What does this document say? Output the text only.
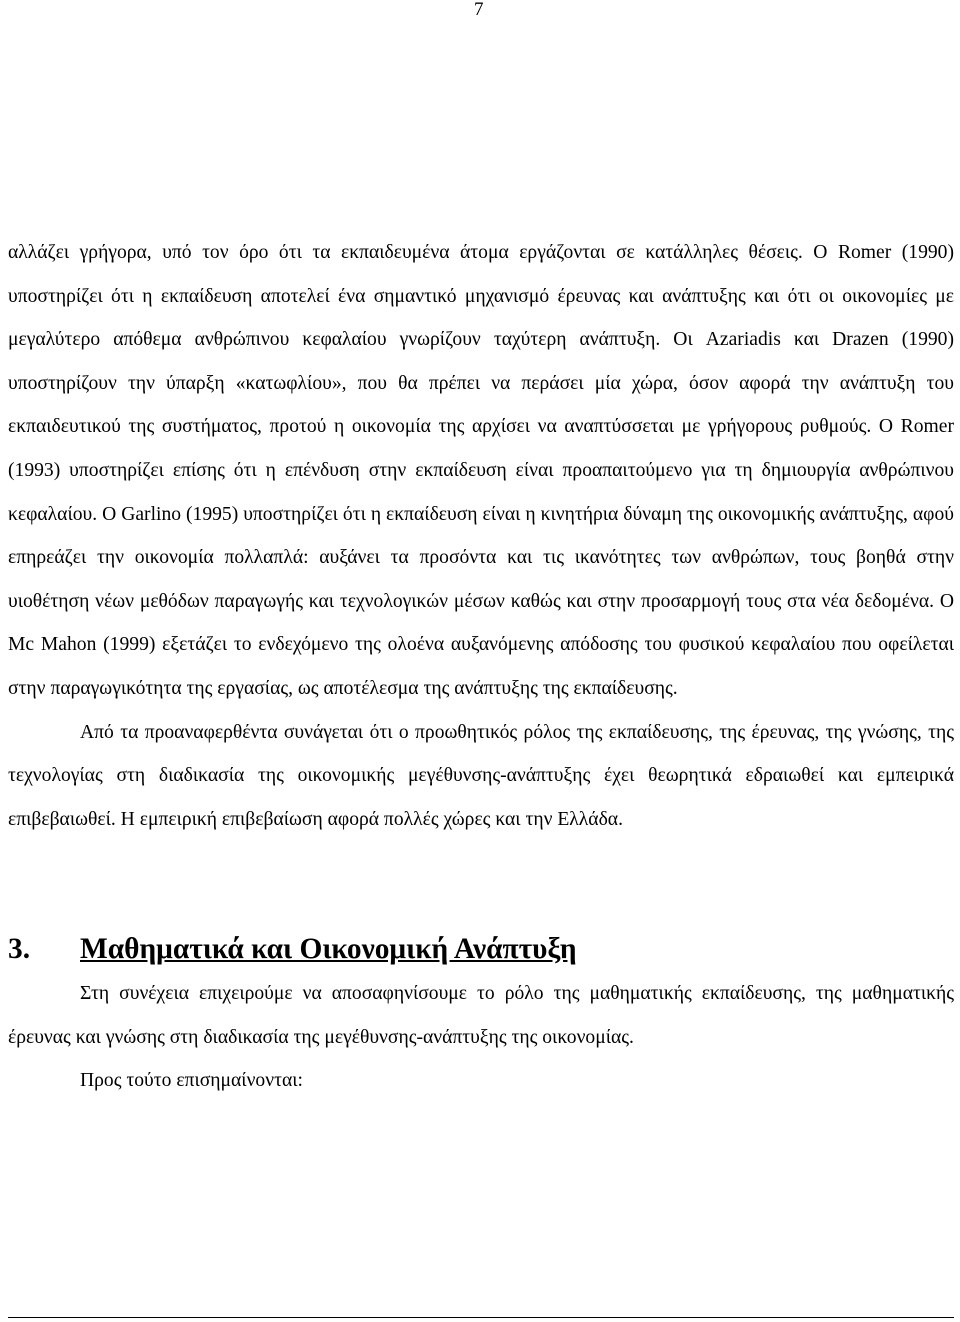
7

αλλάζει γρήγορα, υπό τον όρο ότι τα εκπαιδευμένα άτομα εργάζονται σε κατάλληλες θέσεις. O Romer (1990) υποστηρίζει ότι η εκπαίδευση αποτελεί ένα σημαντικό μηχανισμό έρευνας και ανάπτυξης και ότι οι οικονομίες με μεγαλύτερο απόθεμα ανθρώπινου κεφαλαίου γνωρίζουν ταχύτερη ανάπτυξη. Οι Azariadis και Drazen (1990) υποστηρίζουν την ύπαρξη «κατωφλίου», που θα πρέπει να περάσει μία χώρα, όσον αφορά την ανάπτυξη του εκπαιδευτικού της συστήματος, προτού η οικονομία της αρχίσει να αναπτύσσεται με γρήγορους ρυθμούς. Ο Romer (1993) υποστηρίζει επίσης ότι η επένδυση στην εκπαίδευση είναι προαπαιτούμενο για τη δημιουργία ανθρώπινου κεφαλαίου. Ο Garlino (1995) υποστηρίζει ότι η εκπαίδευση είναι η κινητήρια δύναμη της οικονομικής ανάπτυξης, αφού επηρεάζει την οικονομία πολλαπλά: αυξάνει τα προσόντα και τις ικανότητες των ανθρώπων, τους βοηθά στην υιοθέτηση νέων μεθόδων παραγωγής και τεχνολογικών μέσων καθώς και στην προσαρμογή τους στα νέα δεδομένα. Ο Mc Mahon (1999) εξετάζει το ενδεχόμενο της ολοένα αυξανόμενης απόδοσης του φυσικού κεφαλαίου που οφείλεται στην παραγωγικότητα της εργασίας, ως αποτέλεσμα της ανάπτυξης της εκπαίδευσης.

Από τα προαναφερθέντα συνάγεται ότι ο προωθητικός ρόλος της εκπαίδευσης, της έρευνας, της γνώσης, της τεχνολογίας στη διαδικασία της οικονομικής μεγέθυνσης-ανάπτυξης έχει θεωρητικά εδραιωθεί και εμπειρικά επιβεβαιωθεί. Η εμπειρική επιβεβαίωση αφορά πολλές χώρες και την Ελλάδα.

3.	Μαθηματικά και Οικονομική Ανάπτυξη

Στη συνέχεια επιχειρούμε να αποσαφηνίσουμε το ρόλο της μαθηματικής εκπαίδευσης, της μαθηματικής έρευνας και γνώσης στη διαδικασία της μεγέθυνσης-ανάπτυξης της οικονομίας.

Προς τούτο επισημαίνονται:
